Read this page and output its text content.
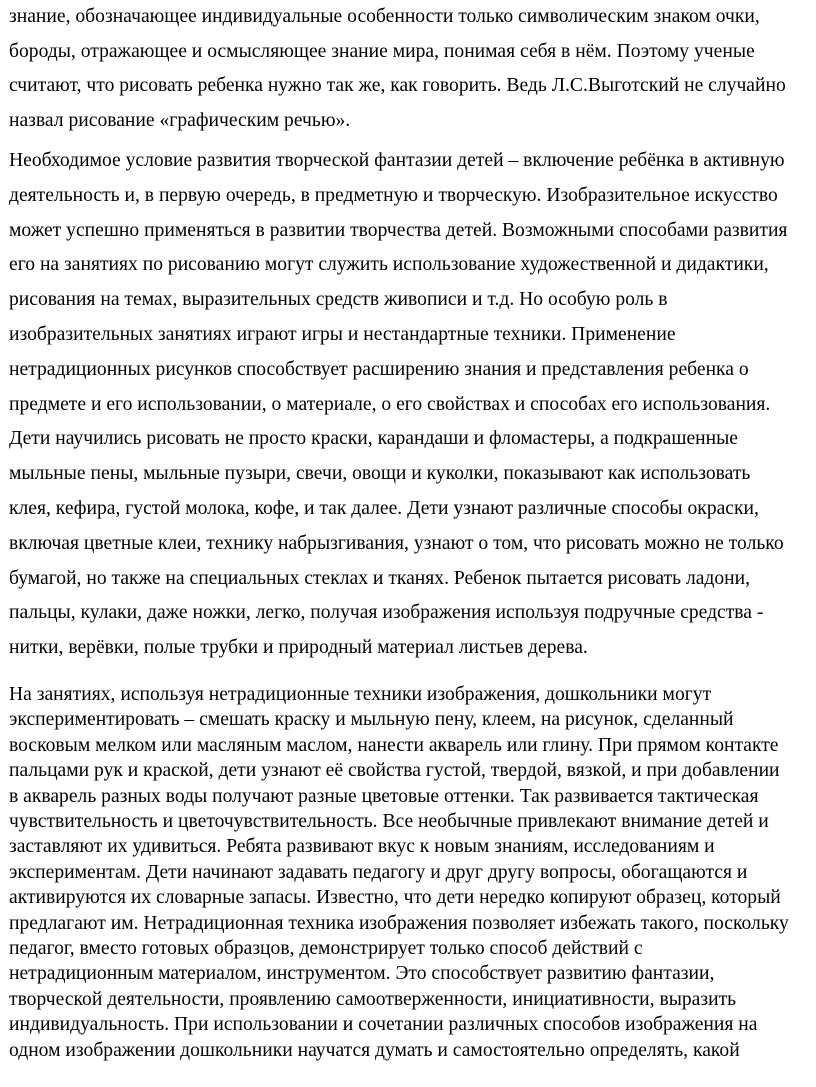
знание, обозначающее индивидуальные особенности только символическим знаком очки,
бороды, отражающее и осмысляющее знание мира, понимая себя в нём. Поэтому ученые
считают, что рисовать ребенка нужно так же, как говорить. Ведь Л.С.Выготский не случайно
назвал рисование «графическим речью».

Необходимое условие развития творческой фантазии детей – включение ребёнка в активную
деятельность и, в первую очередь, в предметную и творческую. Изобразительное искусство
может успешно применяться в развитии творчества детей. Возможными способами развития
его на занятиях по рисованию могут служить использование художественной и дидактики,
рисования на темах, выразительных средств живописи и т.д. Но особую роль в
изобразительных занятиях играют игры и нестандартные техники. Применение
нетрадиционных рисунков способствует расширению знания и представления ребенка о
предмете и его использовании, о материале, о его свойствах и способах его использования.
Дети научились рисовать не просто краски, карандаши и фломастеры, а подкрашенные
мыльные пены, мыльные пузыри, свечи, овощи и куколки, показывают как использовать
клея, кефира, густой молока, кофе, и так далее. Дети узнают различные способы окраски,
включая цветные клеи, технику набрызгивания, узнают о том, что рисовать можно не только
бумагой, но также на специальных стеклах и тканях. Ребенок пытается рисовать ладони,
пальцы, кулаки, даже ножки, легко, получая изображения используя подручные средства -
нитки, верёвки, полые трубки и природный материал листьев дерева.

На занятиях, используя нетрадиционные техники изображения, дошкольники могут
экспериментировать – смешать краску и мыльную пену, клеем, на рисунок, сделанный
восковым мелком или масляным маслом, нанести акварель или глину. При прямом контакте
пальцами рук и краской, дети узнают её свойства густой, твердой, вязкой, и при добавлении
в акварель разных воды получают разные цветовые оттенки. Так развивается тактическая
чувствительность и цветочувствительность. Все необычные привлекают внимание детей и
заставляют их удивиться. Ребята развивают вкус к новым знаниям, исследованиям и
экспериментам. Дети начинают задавать педагогу и друг другу вопросы, обогащаются и
активируются их словарные запасы. Известно, что дети нередко копируют образец, который
предлагают им. Нетрадиционная техника изображения позволяет избежать такого, поскольку
педагог, вместо готовых образцов, демонстрирует только способ действий с
нетрадиционным материалом, инструментом. Это способствует развитию фантазии,
творческой деятельности, проявлению самоотверженности, инициативности, выразить
индивидуальность. При использовании и сочетании различных способов изображения на
одном изображении дошкольники научатся думать и самостоятельно определять, какой
